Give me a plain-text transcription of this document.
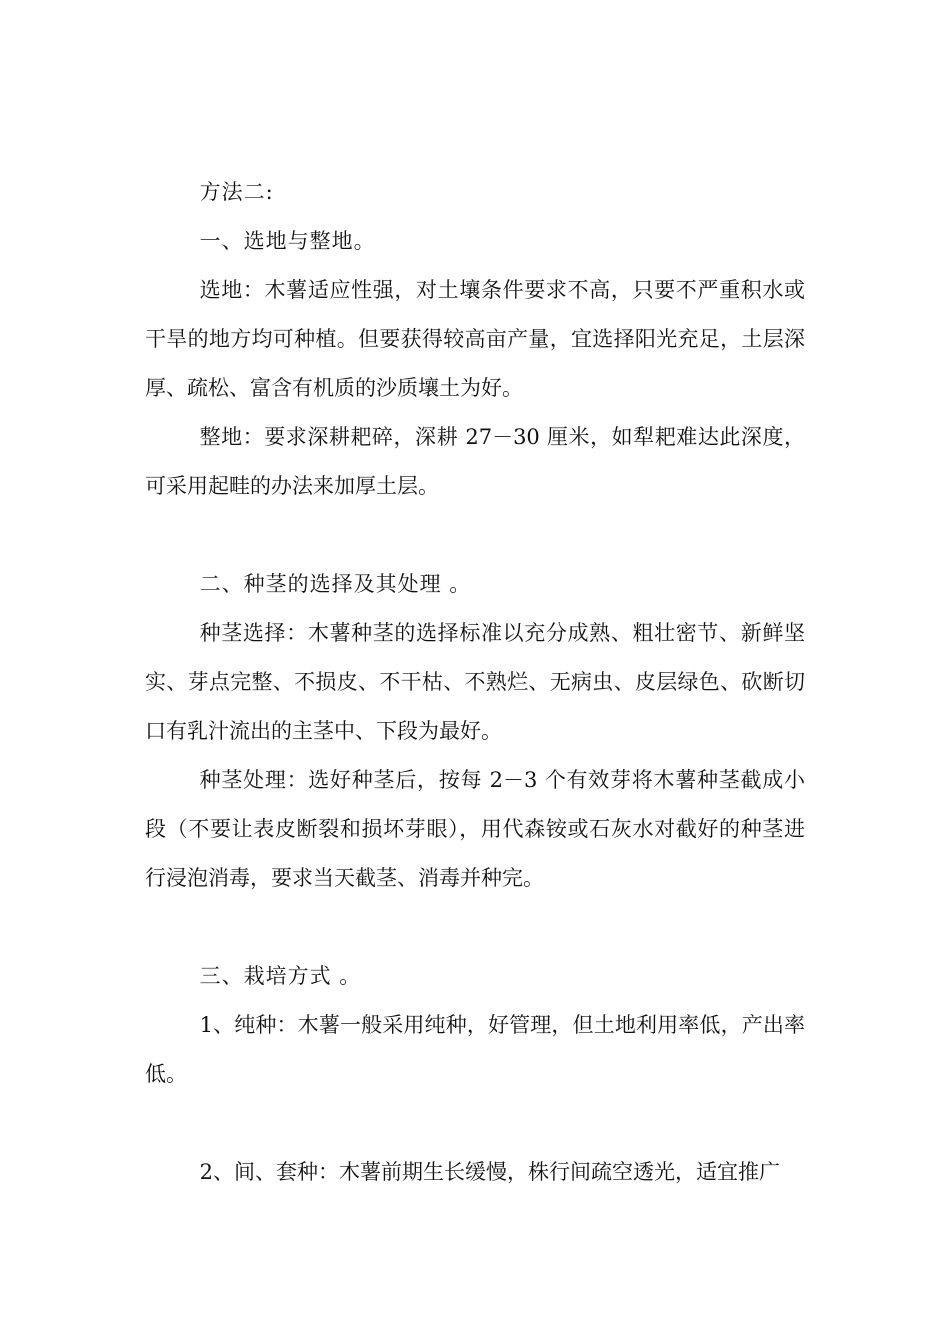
方法二:

一、选地与整地。

选地：木薯适应性强，对土壤条件要求不高，只要不严重积水或干旱的地方均可种植。但要获得较高亩产量，宜选择阳光充足，土层深厚、疏松、富含有机质的沙质壤土为好。

整地：要求深耕耙碎，深耕 27－30 厘米，如犁耙难达此深度，可采用起畦的办法来加厚土层。

二、种茎的选择及其处理 。

种茎选择：木薯种茎的选择标准以充分成熟、粗壮密节、新鲜坚实、芽点完整、不损皮、不干枯、不熟烂、无病虫、皮层绿色、砍断切口有乳汁流出的主茎中、下段为最好。

种茎处理：选好种茎后，按每 2－3 个有效芽将木薯种茎截成小段（不要让表皮断裂和损坏芽眼），用代森铵或石灰水对截好的种茎进行浸泡消毒，要求当天截茎、消毒并种完。

三、栽培方式 。

1、纯种：木薯一般采用纯种，好管理，但土地利用率低，产出率低。

2、间、套种：木薯前期生长缓慢，株行间疏空透光，适宜推广
